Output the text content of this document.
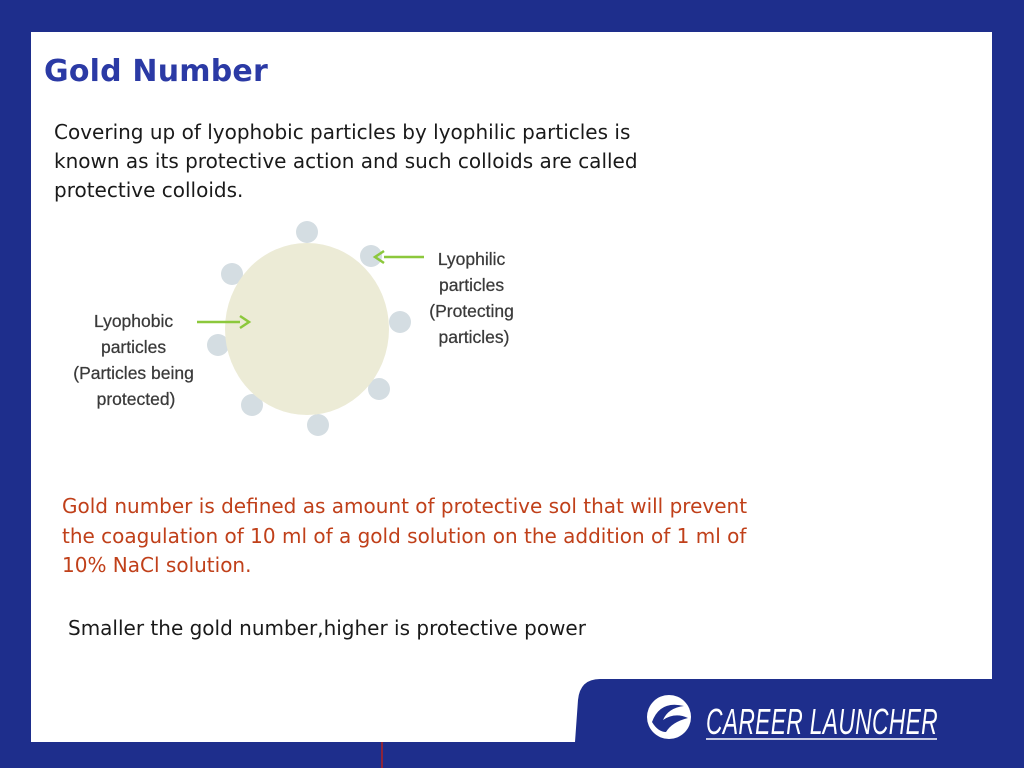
Lyophilic particles (Protecting particles)
Lyophobic particles (Particles being protected)
CAREER LAUNCHER
Gold Number

Covering up of lyophobic particles by lyophilic particles is known as its protective action and such colloids are called protective colloids.

Gold number is defined as amount of protective sol that will prevent the coagulation of 10 ml of a gold solution on the addition of 1 ml of 10% NaCl solution.

Smaller the gold number,higher is protective power
